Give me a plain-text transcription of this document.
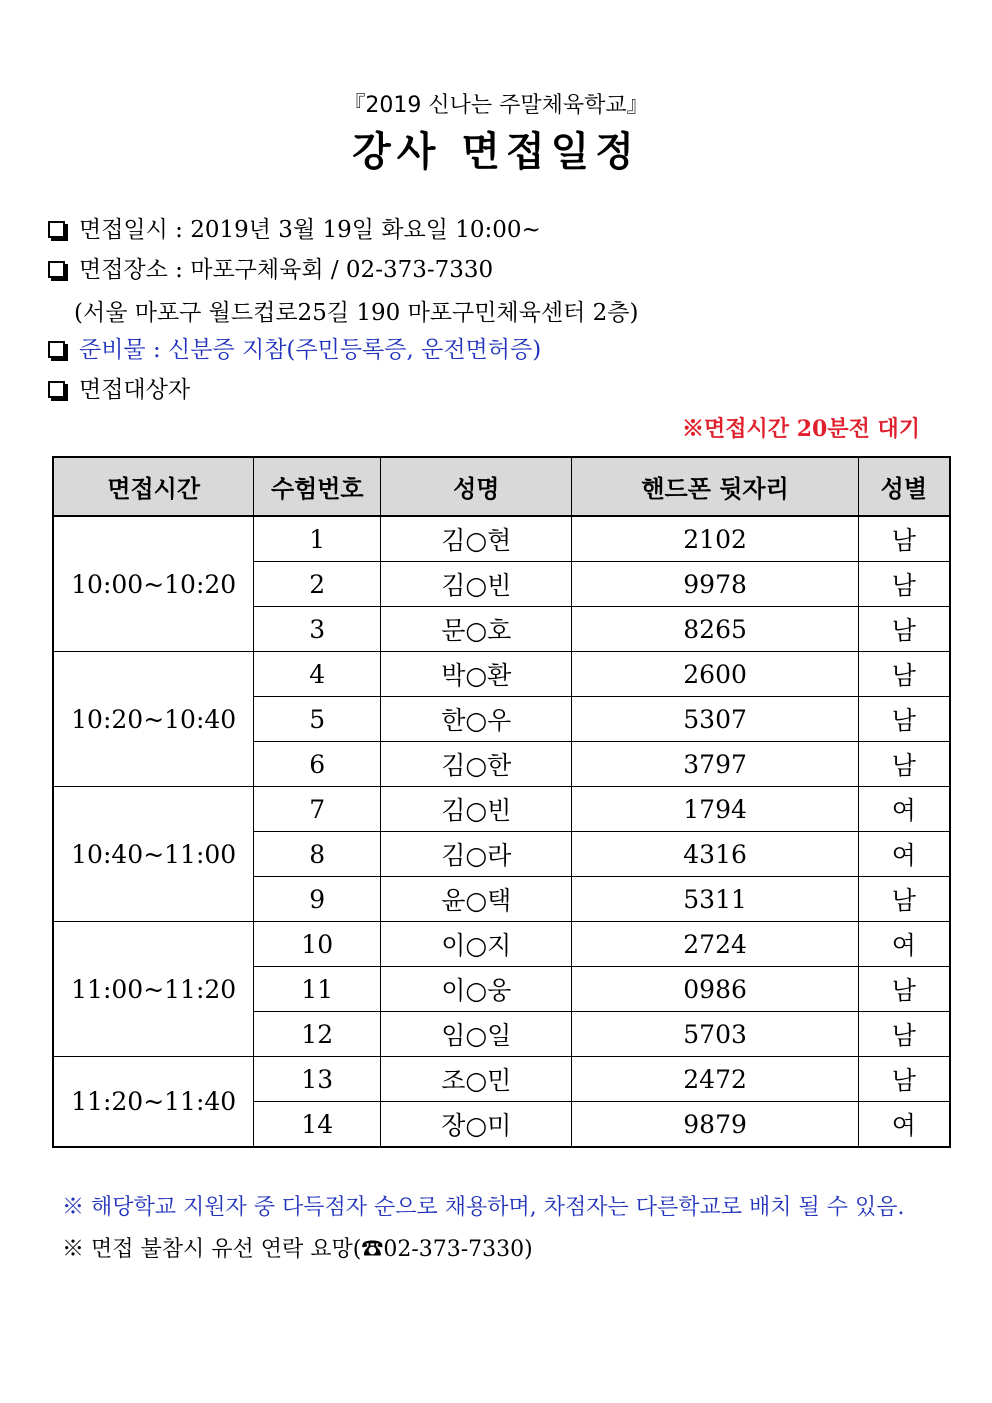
『2019 신나는 주말체육학교』
강사 면접일정
면접일시 : 2019년 3월 19일 화요일 10:00~
면접장소 : 마포구체육회 / 02-373-7330
(서울 마포구 월드컵로25길 190 마포구민체육센터 2층)
준비물 : 신분증 지참(주민등록증, 운전면허증)
면접대상자
※면접시간 20분전 대기
면접시간	수험번호	성명	핸드폰 뒷자리	성별
10:00~10:20	1	김○현	2102	남
	2	김○빈	9978	남
	3	문○호	8265	남
10:20~10:40	4	박○환	2600	남
	5	한○우	5307	남
	6	김○한	3797	남
10:40~11:00	7	김○빈	1794	여
	8	김○라	4316	여
	9	윤○택	5311	남
11:00~11:20	10	이○지	2724	여
	11	이○웅	0986	남
	12	임○일	5703	남
11:20~11:40	13	조○민	2472	남
	14	장○미	9879	여
※ 해당학교 지원자 중 다득점자 순으로 채용하며, 차점자는 다른학교로 배치 될 수 있음.
※ 면접 불참시 유선 연락 요망(☎02-373-7330)
